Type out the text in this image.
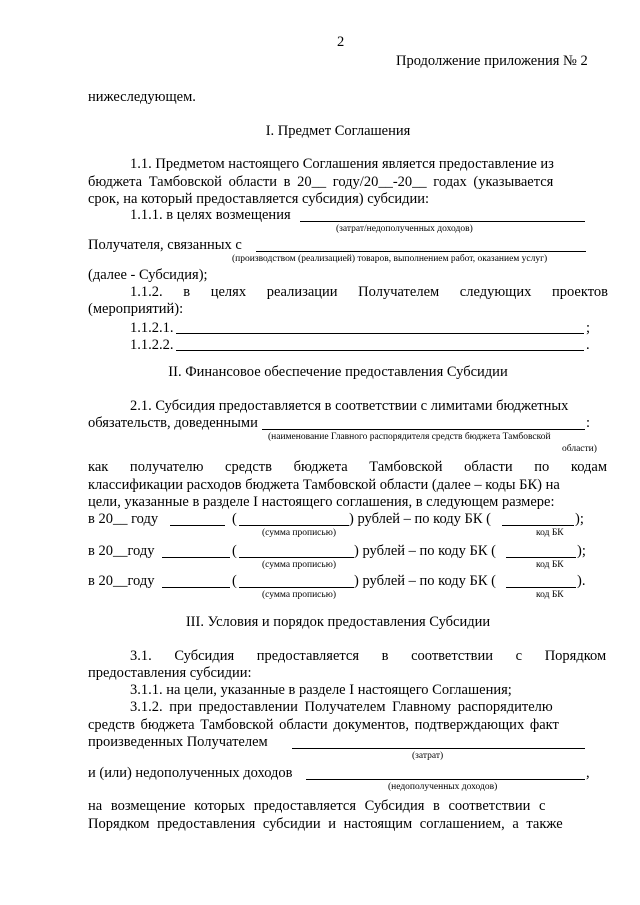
2
Продолжение приложения № 2
нижеследующем.
I. Предмет Соглашения
1.1. Предметом настоящего Соглашения является предоставление из
бюджета Тамбовской области в 20__ году/20__-20__ годах (указывается
срок, на который предоставляется субсидия) субсидии:
1.1.1. в целях возмещения
(затрат/недополученных доходов)
Получателя, связанных с
(производством (реализацией) товаров, выполнением работ, оказанием услуг)
(далее - Субсидия);
1.1.2. в целях реализации Получателем следующих проектов
(мероприятий):
1.1.2.1.	;
1.1.2.2.	.
II. Финансовое обеспечение предоставления Субсидии
2.1. Субсидия предоставляется в соответствии с лимитами бюджетных
обязательств, доведенными	:
(наименование Главного распорядителя средств бюджета Тамбовской
области)
как получателю средств бюджета Тамбовской области по кодам
классификации расходов бюджета Тамбовской области (далее – коды БК) на
цели, указанные в разделе I настоящего соглашения, в следующем размере:
в 20__ году	(	) рублей – по коду БК (	);
(сумма прописью)	код БК
в 20__году	(	) рублей – по коду БК (	);
(сумма прописью)	код БК
в 20__году	(	) рублей – по коду БК (	).
(сумма прописью)	код БК
III. Условия и порядок предоставления Субсидии
3.1. Субсидия предоставляется в соответствии с Порядком
предоставления субсидии:
3.1.1. на цели, указанные в разделе I настоящего Соглашения;
3.1.2. при предоставлении Получателем Главному распорядителю
средств бюджета Тамбовской области документов, подтверждающих факт
произведенных Получателем
(затрат)
и (или) недополученных доходов	,
(недополученных доходов)
на возмещение которых предоставляется Субсидия в соответствии с
Порядком предоставления субсидии и настоящим соглашением, а также
